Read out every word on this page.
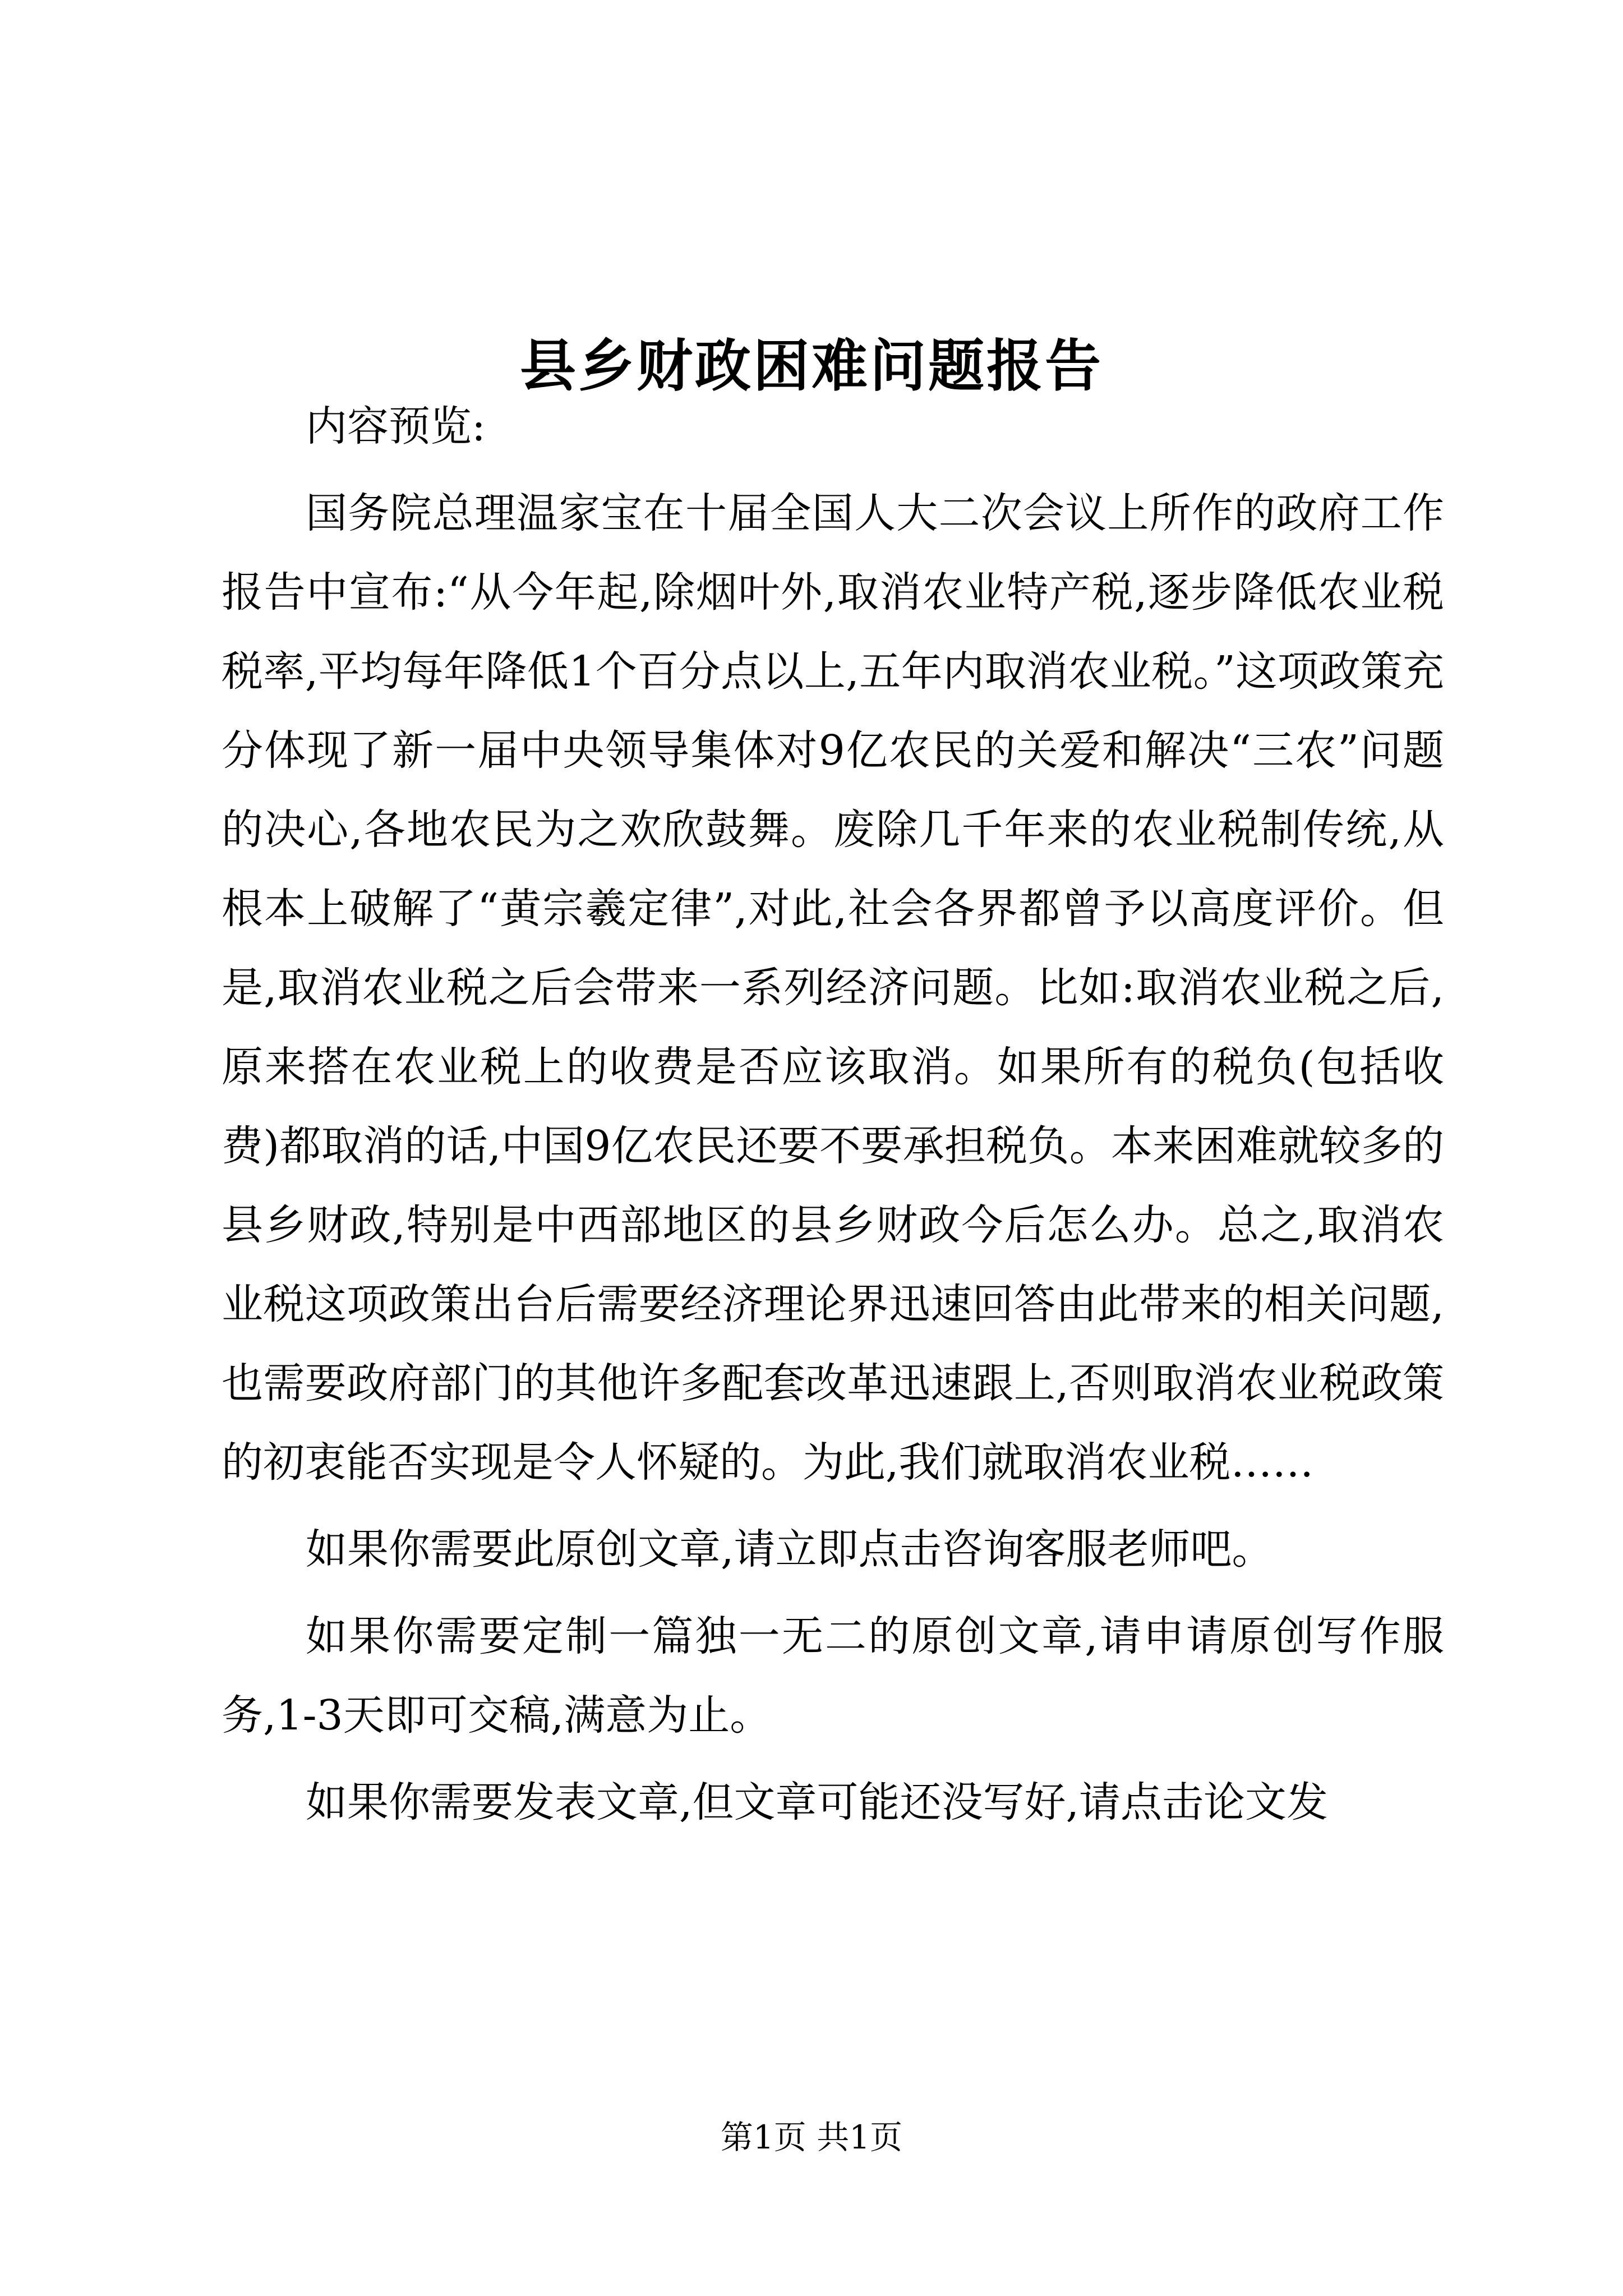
县乡财政困难问题报告

内容预览:

国务院总理温家宝在十届全国人大二次会议上所作的政府工作报告中宣布:“从今年起,除烟叶外,取消农业特产税,逐步降低农业税税率,平均每年降低1个百分点以上,五年内取消农业税。”这项政策充分体现了新一届中央领导集体对9亿农民的关爱和解决“三农”问题的决心,各地农民为之欢欣鼓舞。废除几千年来的农业税制传统,从根本上破解了“黄宗羲定律”,对此,社会各界都曾予以高度评价。但是,取消农业税之后会带来一系列经济问题。比如:取消农业税之后,原来搭在农业税上的收费是否应该取消。如果所有的税负(包括收费)都取消的话,中国9亿农民还要不要承担税负。本来困难就较多的县乡财政,特别是中西部地区的县乡财政今后怎么办。总之,取消农业税这项政策出台后需要经济理论界迅速回答由此带来的相关问题,也需要政府部门的其他许多配套改革迅速跟上,否则取消农业税政策的初衷能否实现是令人怀疑的。为此,我们就取消农业税……

如果你需要此原创文章,请立即点击咨询客服老师吧。

如果你需要定制一篇独一无二的原创文章,请申请原创写作服务,1-3天即可交稿,满意为止。

如果你需要发表文章,但文章可能还没写好,请点击论文发

第1页 共1页
